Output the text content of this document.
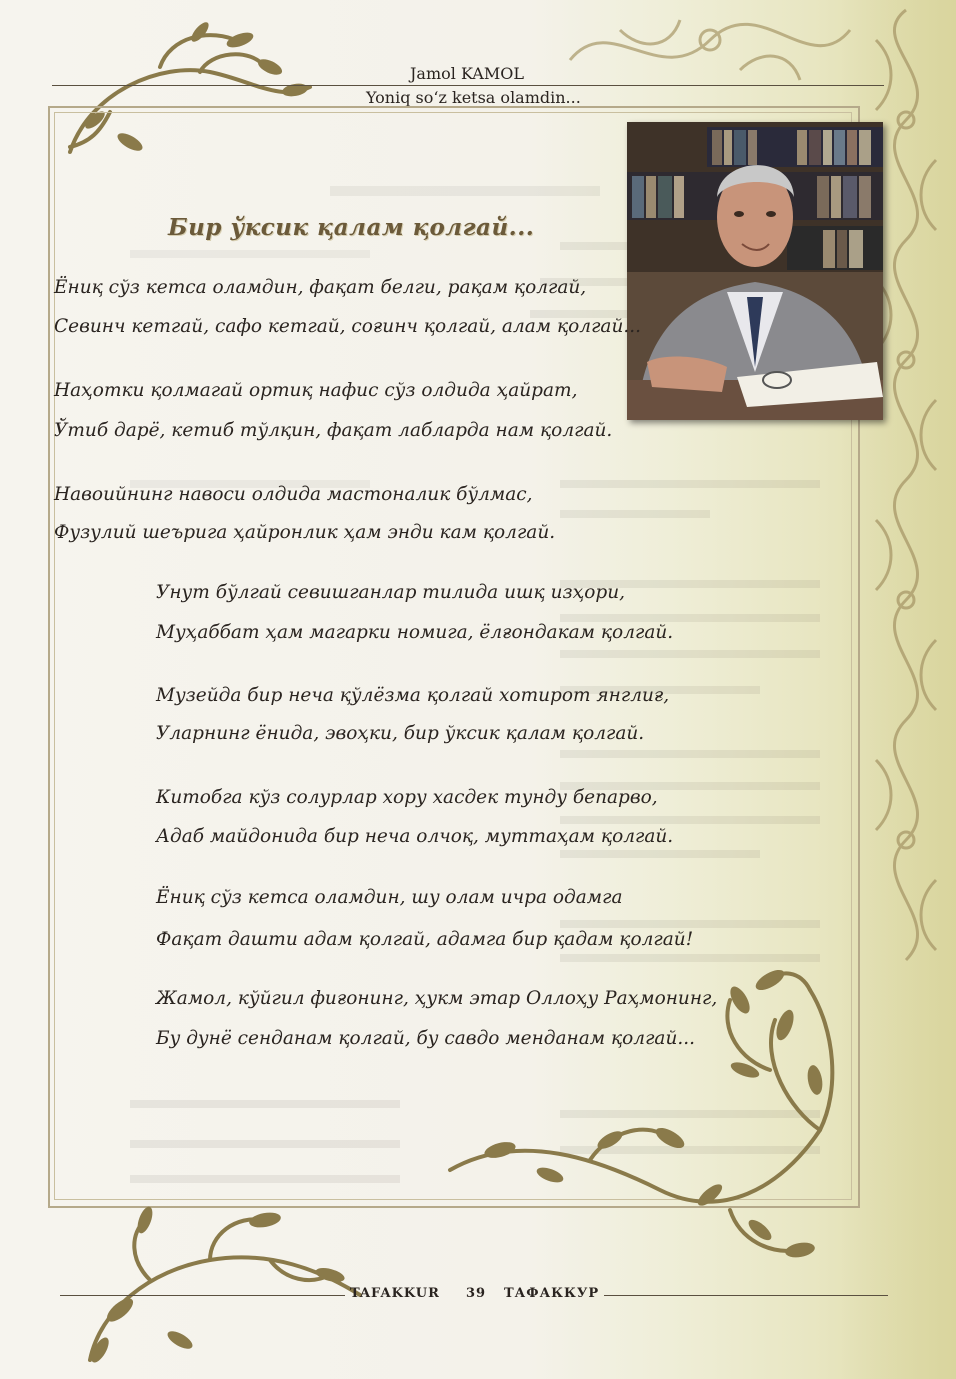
Jamol KAMOL
Yoniq so‘z ketsa olamdin...
Бир ўксик қалам қолгай...
Ёниқ сўз кетса оламдин, фақат белги, рақам қолгай,
Севинч кетгай, сафо кетгай, соғинч қолгай, алам қолгай...
Наҳотки қолмагай ортиқ нафис сўз олдида ҳайрат,
Ўтиб дарё, кетиб тўлқин, фақат лабларда нам қолгай.
Навоийнинг навоси олдида мастоналик бўлмас,
Фузулий шеърига ҳайронлик ҳам энди кам қолгай.
Унут бўлгай севишганлар тилида ишқ изҳори,
Муҳаббат ҳам магарки номига, ёлғондакам қолгай.
Музейда бир неча қўлёзма қолгай хотирот янглиғ,
Уларнинг ёнида, эвоҳки, бир ўксик қалам қолгай.
Китобга кўз солурлар хору хасдек тунду бепарво,
Адаб майдонида бир неча олчоқ, муттаҳам қолгай.
Ёниқ сўз кетса оламдин, шу олам ичра одамга
Фақат дашти адам қолгай, адамга бир қадам қолгай!
Жамол, кўйгил фиғонинг, ҳукм этар Оллоҳу Раҳмонинг,
Бу дунё сенданам қолгай, бу савдо менданам қолгай...
TAFAKKUR 39 ТАФАККУР
